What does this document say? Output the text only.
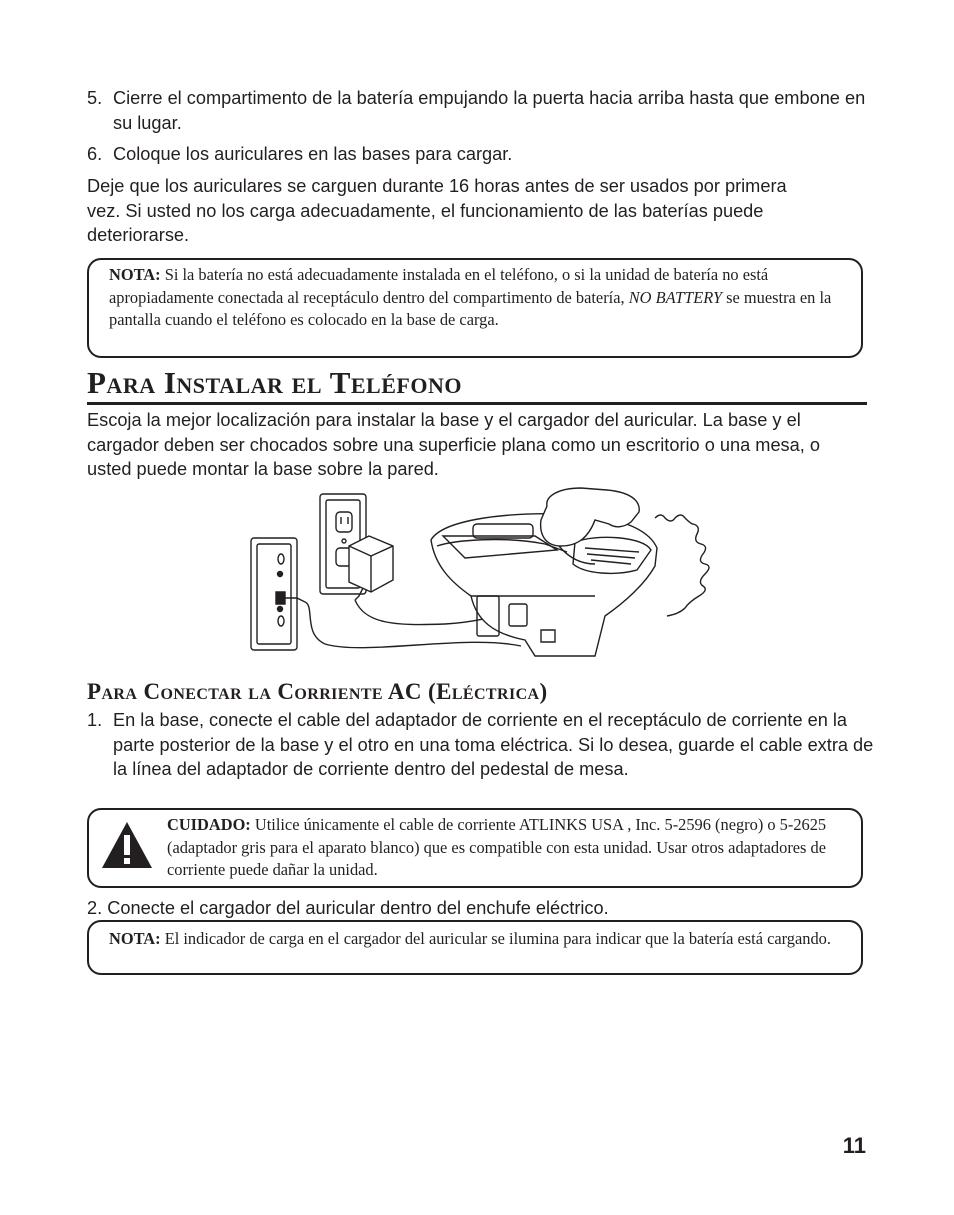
5. Cierre el compartimento de la batería empujando la puerta hacia arriba hasta que embone en su lugar.
6. Coloque los auriculares en las bases para cargar.

Deje que los auriculares se carguen durante 16 horas antes de ser usados por primera vez. Si usted no los carga adecuadamente, el funcionamiento de las baterías puede deteriorarse.

NOTA: Si la batería no está adecuadamente instalada en el teléfono, o si la unidad de batería no está apropiadamente conectada al receptáculo dentro del compartimento de batería, NO BATTERY se muestra en la pantalla cuando el teléfono es colocado en la base de carga.
Para Instalar el Teléfono

Escoja la mejor localización para instalar la base y el cargador del auricular. La base y el cargador deben ser chocados sobre una superficie plana como un escritorio o una mesa, o usted puede montar la base sobre la pared.

Para Conectar la Corriente AC (Eléctrica)
1. En la base, conecte el cable del adaptador de corriente en el receptáculo de corriente en la parte posterior de la base y el otro en una toma eléctrica. Si lo desea, guarde el cable extra de la línea del adaptador de corriente dentro del pedestal de mesa.
CUIDADO: Utilice únicamente el cable de corriente ATLINKS USA , Inc. 5-2596 (negro) o 5-2625 (adaptador gris para el aparato blanco) que es compatible con esta unidad. Usar otros adaptadores de corriente puede dañar la unidad.

2. Conecte el cargador del auricular dentro del enchufe eléctrico.

NOTA: El indicador de carga en el cargador del auricular se ilumina para indicar que la batería está cargando.
11
